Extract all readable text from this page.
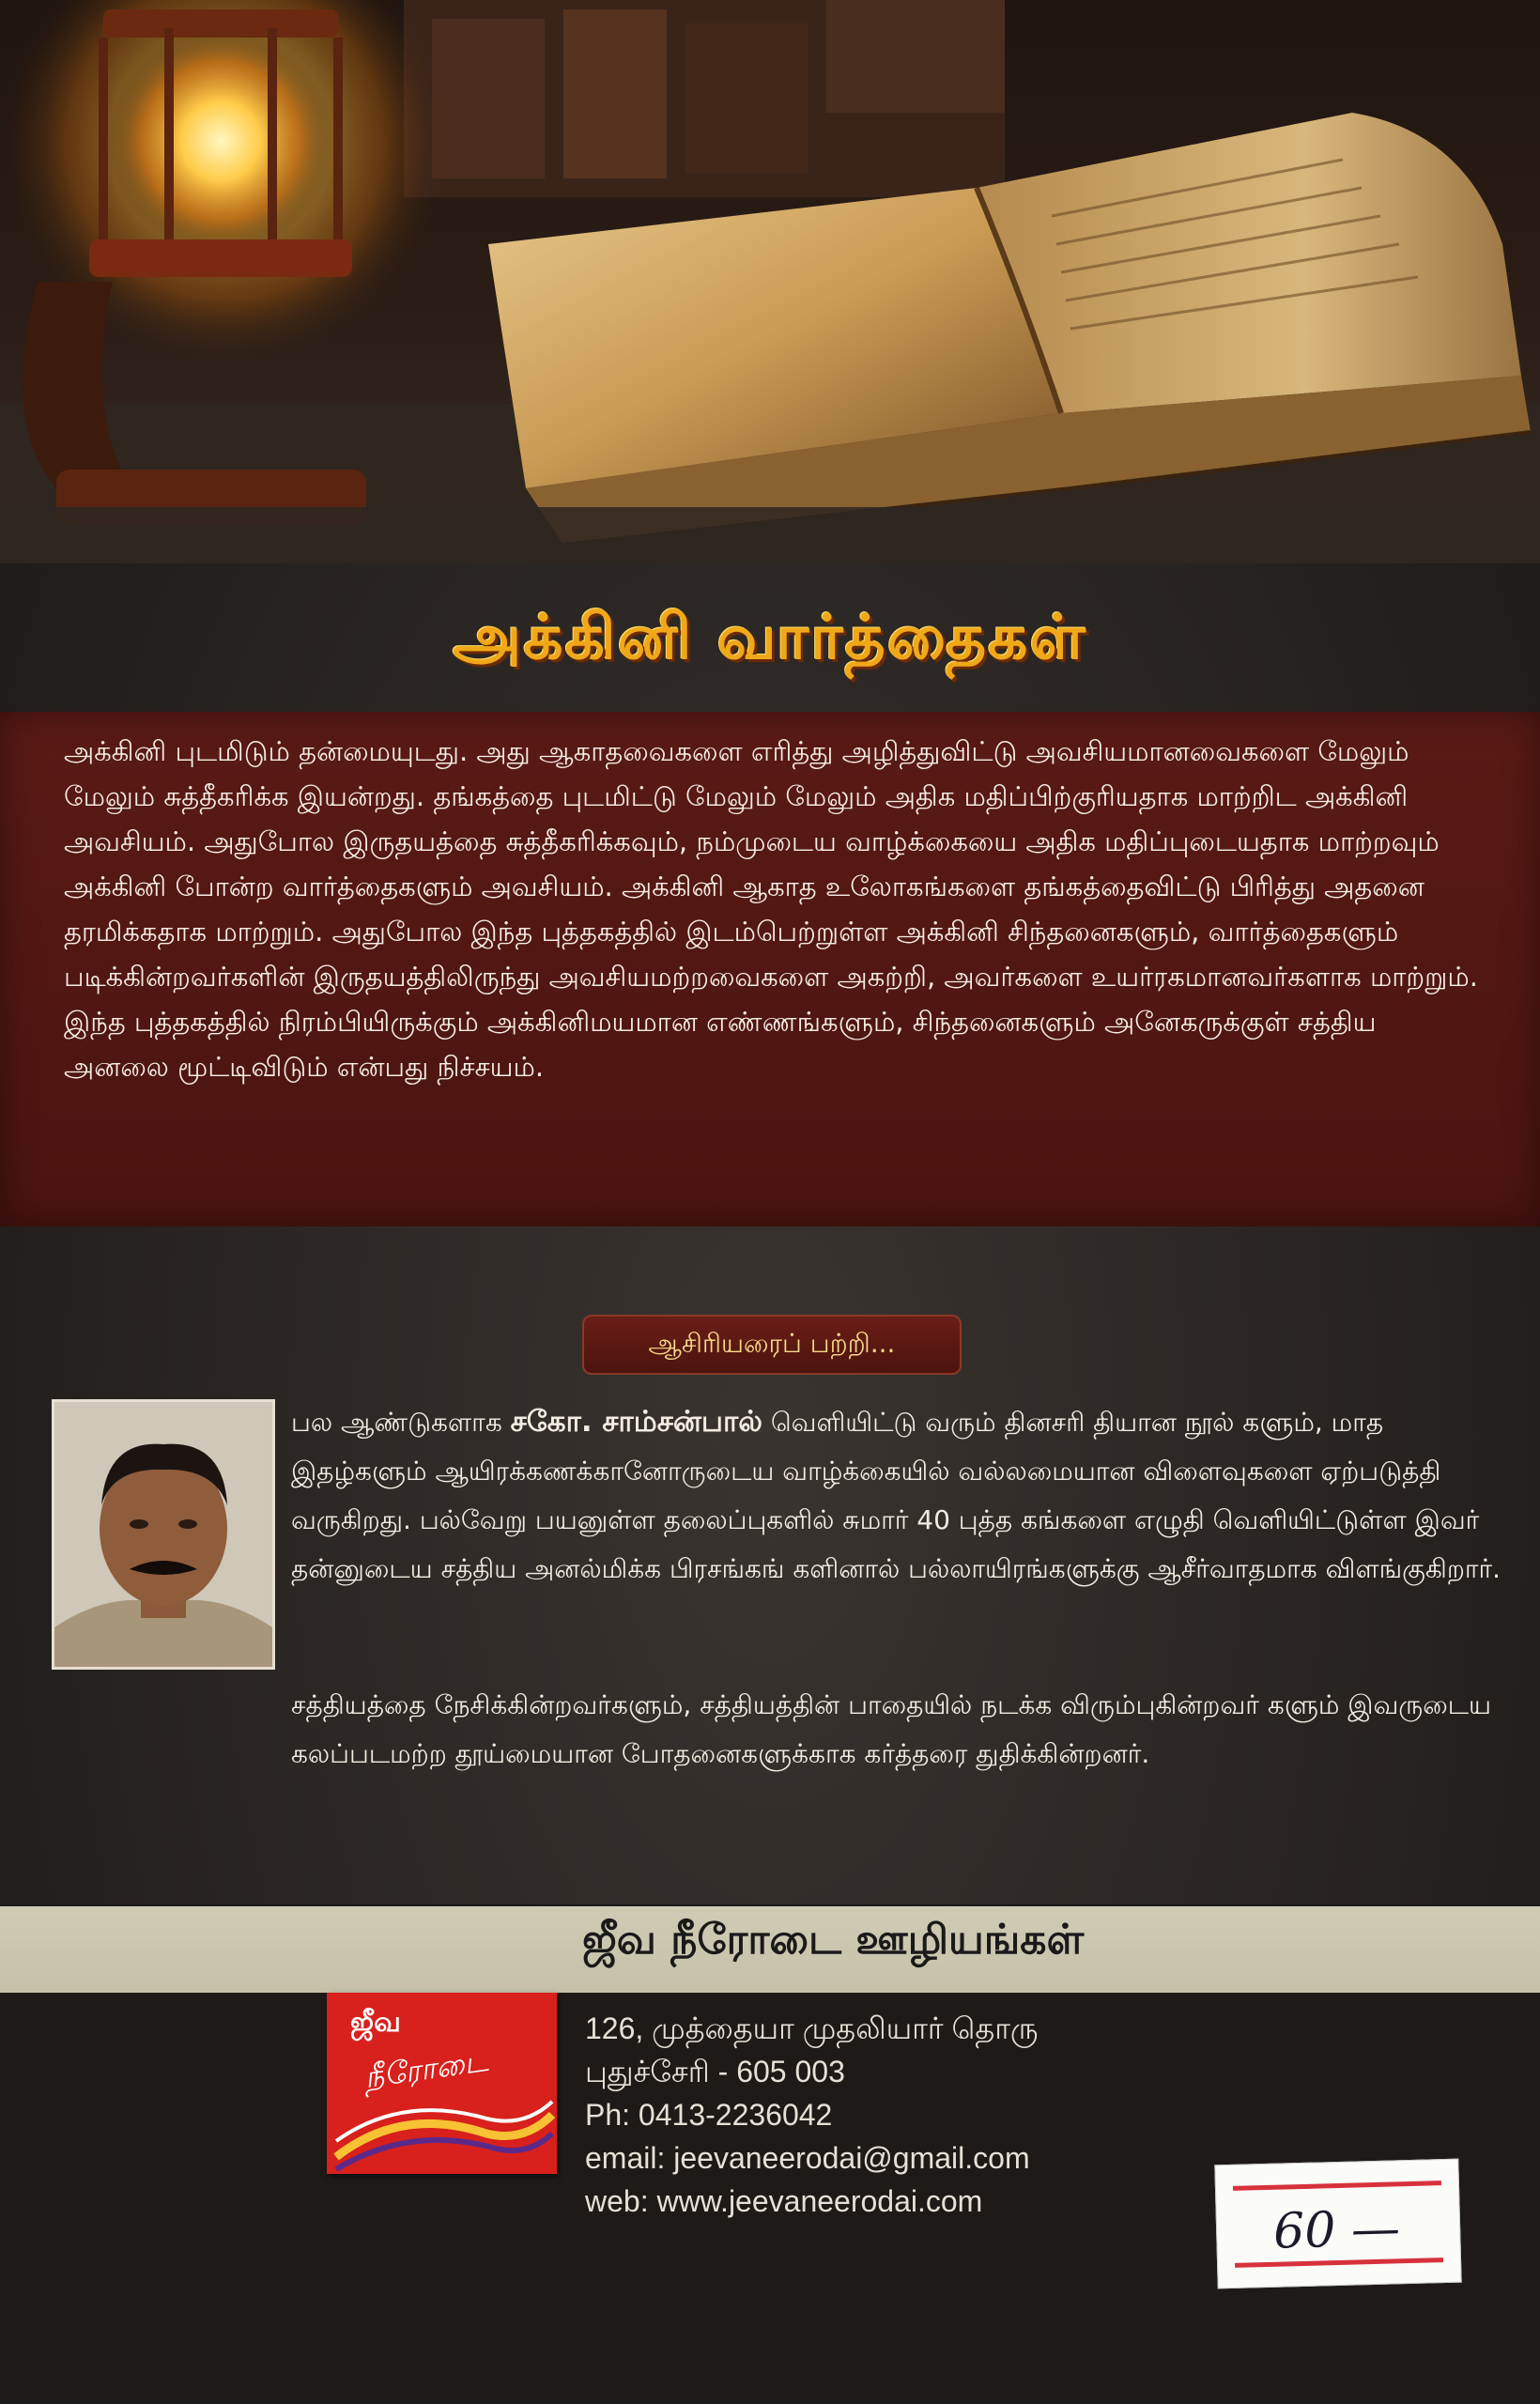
அக்கினி வார்த்தைகள்

அக்கினி புடமிடும் தன்மையுடது. அது ஆகாதவைகளை எரித்து அழித்துவிட்டு அவசியமானவைகளை மேலும் மேலும் சுத்தீகரிக்க இயன்றது. தங்கத்தை புடமிட்டு மேலும் மேலும் அதிக மதிப்பிற்குரியதாக மாற்றிட அக்கினி அவசியம். அதுபோல இருதயத்தை சுத்தீகரிக்கவும், நம்முடைய வாழ்க்கையை அதிக மதிப்புடையதாக மாற்றவும் அக்கினி போன்ற வார்த்தைகளும் அவசியம். அக்கினி ஆகாத உலோகங்களை தங்கத்தைவிட்டு பிரித்து அதனை தரமிக்கதாக மாற்றும். அதுபோல இந்த புத்தகத்தில் இடம்பெற்றுள்ள அக்கினி சிந்தனைகளும், வார்த்தைகளும் படிக்கின்றவர்களின் இருதயத்திலிருந்து அவசியமற்றவைகளை அகற்றி, அவர்களை உயர்ரகமானவர்களாக மாற்றும். இந்த புத்தகத்தில் நிரம்பியிருக்கும் அக்கினிமயமான எண்ணங்களும், சிந்தனைகளும் அனேகருக்குள் சத்திய அனலை மூட்டிவிடும் என்பது நிச்சயம்.

ஆசிரியரைப் பற்றி...

பல ஆண்டுகளாக சகோ. சாம்சன்பால் வெளியிட்டு வரும் தினசரி தியான நூல் களும், மாத இதழ்களும் ஆயிரக்கணக்கானோருடைய வாழ்க்கையில் வல்லமையான விளைவுகளை ஏற்படுத்தி வருகிறது. பல்வேறு பயனுள்ள தலைப்புகளில் சுமார் 40 புத்த கங்களை எழுதி வெளியிட்டுள்ள இவர் தன்னுடைய சத்திய அனல்மிக்க பிரசங்கங் களினால் பல்லாயிரங்களுக்கு ஆசீர்வாதமாக விளங்குகிறார்.

சத்தியத்தை நேசிக்கின்றவர்களும், சத்தியத்தின் பாதையில் நடக்க விரும்புகின்றவர் களும் இவருடைய கலப்படமற்ற தூய்மையான போதனைகளுக்காக கர்த்தரை துதிக்கின்றனர்.

ஜீவ நீரோடை ஊழியங்கள்
ஜீவ
நீரோடை
126, முத்தையா முதலியார் தொரு
புதுச்சேரி - 605 003
Ph: 0413-2236042
email: jeevaneerodai@gmail.com
web: www.jeevaneerodai.com	60 —
